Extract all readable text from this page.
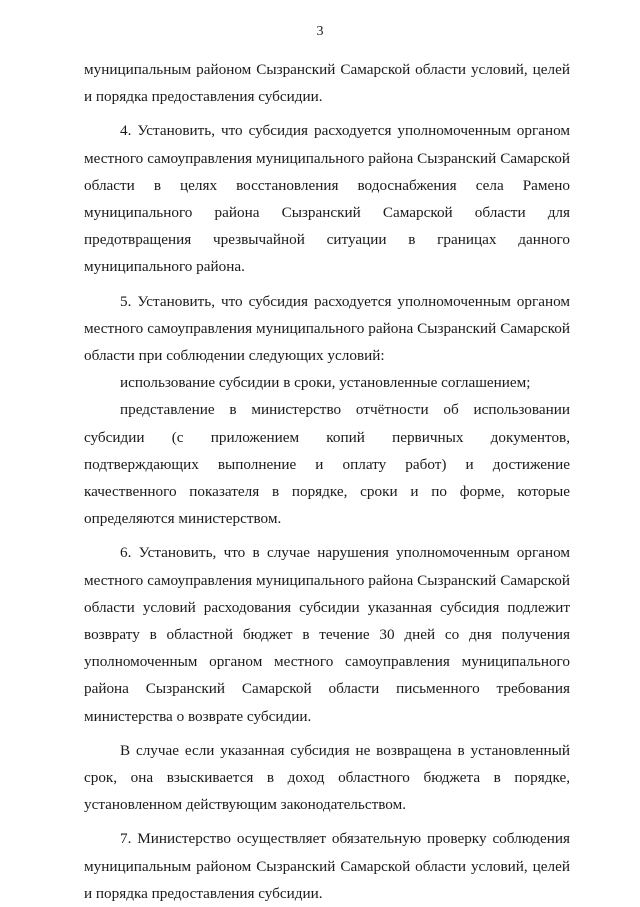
3

муниципальным районом Сызранский Самарской области условий, целей и порядка предоставления субсидии.

4. Установить, что субсидия расходуется уполномоченным органом местного самоуправления муниципального района Сызранский Самарской области в целях восстановления водоснабжения села Рамено муниципального района Сызранский Самарской области для предотвращения чрезвычайной ситуации в границах данного муниципального района.

5. Установить, что субсидия расходуется уполномоченным органом местного самоуправления муниципального района Сызранский Самарской области при соблюдении следующих условий:

использование субсидии в сроки, установленные соглашением;

представление в министерство отчётности об использовании субсидии (с приложением копий первичных документов, подтверждающих выполнение и оплату работ) и достижение качественного показателя в порядке, сроки и по форме, которые определяются министерством.

6. Установить, что в случае нарушения уполномоченным органом местного самоуправления муниципального района Сызранский Самарской области условий расходования субсидии указанная субсидия подлежит возврату в областной бюджет в течение 30 дней со дня получения уполномоченным органом местного самоуправления муниципального района Сызранский Самарской области письменного требования министерства о возврате субсидии.

В случае если указанная субсидия не возвращена в установленный срок, она взыскивается в доход областного бюджета в порядке, установленном действующим законодательством.

7. Министерство осуществляет обязательную проверку соблюдения муниципальным районом Сызранский Самарской области условий, целей и порядка предоставления субсидии.
